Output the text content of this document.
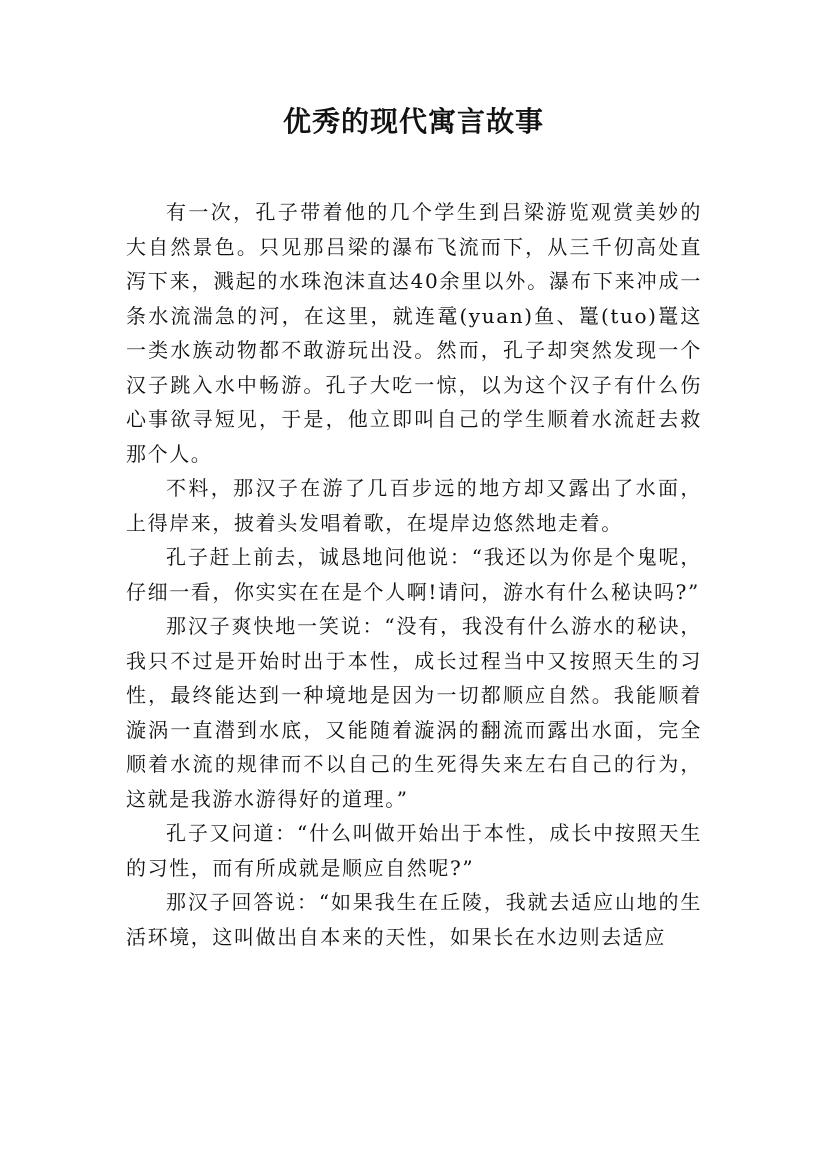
优秀的现代寓言故事

有一次，孔子带着他的几个学生到吕梁游览观赏美妙的大自然景色。只见那吕梁的瀑布飞流而下，从三千仞高处直泻下来，溅起的水珠泡沫直达40余里以外。瀑布下来冲成一条水流湍急的河，在这里，就连鼋(yuan)鱼、鼍(tuo)鼍这一类水族动物都不敢游玩出没。然而，孔子却突然发现一个汉子跳入水中畅游。孔子大吃一惊，以为这个汉子有什么伤心事欲寻短见，于是，他立即叫自己的学生顺着水流赶去救那个人。

不料，那汉子在游了几百步远的地方却又露出了水面，上得岸来，披着头发唱着歌，在堤岸边悠然地走着。

孔子赶上前去，诚恳地问他说：“我还以为你是个鬼呢，仔细一看，你实实在在是个人啊!请问，游水有什么秘诀吗?”

那汉子爽快地一笑说：“没有，我没有什么游水的秘诀，我只不过是开始时出于本性，成长过程当中又按照天生的习性，最终能达到一种境地是因为一切都顺应自然。我能顺着漩涡一直潜到水底，又能随着漩涡的翻流而露出水面，完全顺着水流的规律而不以自己的生死得失来左右自己的行为，这就是我游水游得好的道理。”

孔子又问道：“什么叫做开始出于本性，成长中按照天生的习性，而有所成就是顺应自然呢?”

那汉子回答说：“如果我生在丘陵，我就去适应山地的生活环境，这叫做出自本来的天性，如果长在水边则去适应
